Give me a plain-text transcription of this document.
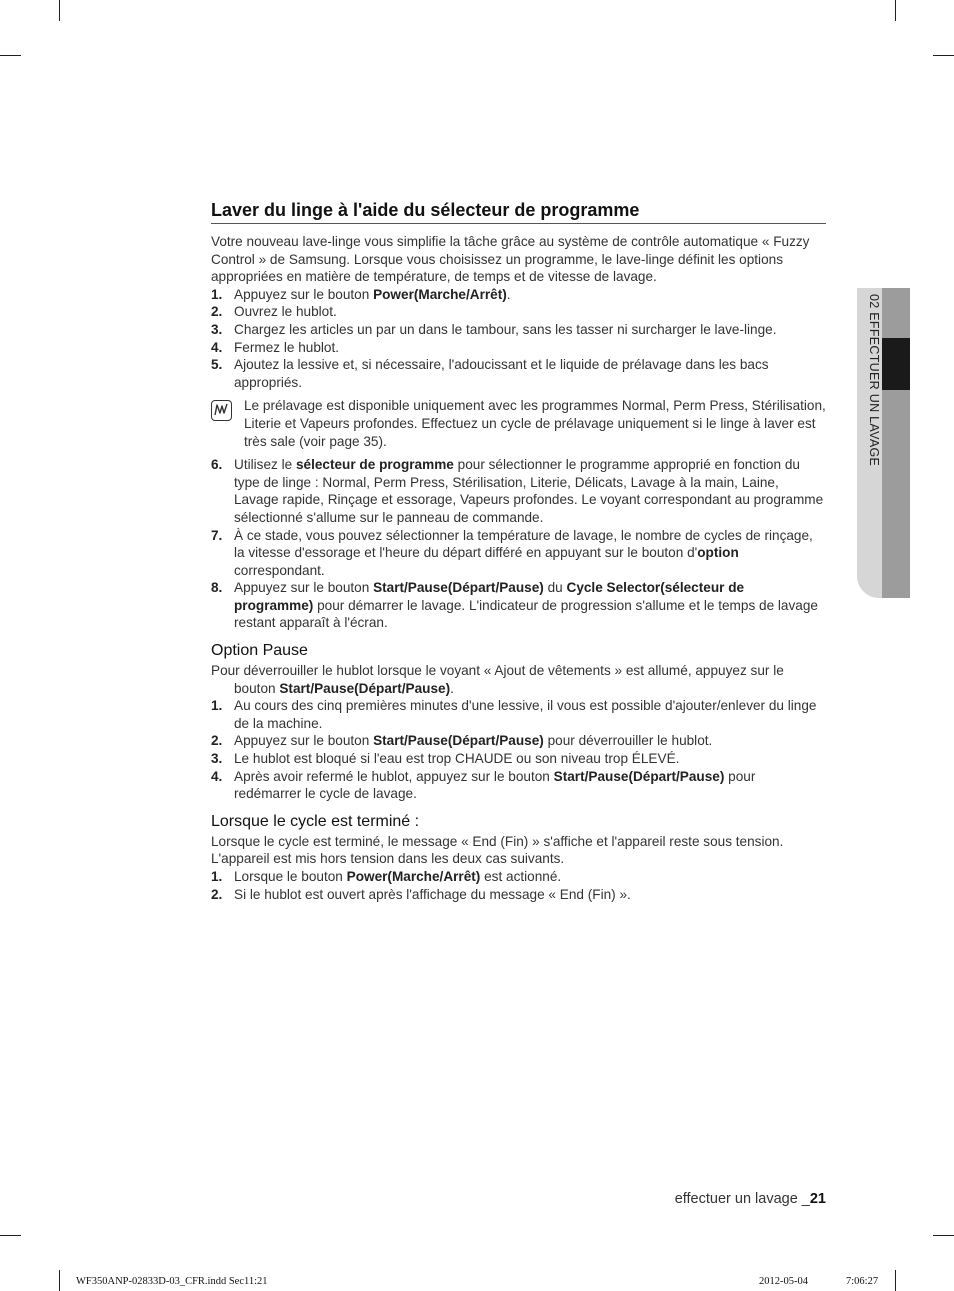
Laver du linge à l'aide du sélecteur de programme
Votre nouveau lave-linge vous simplifie la tâche grâce au système de contrôle automatique « Fuzzy Control » de Samsung. Lorsque vous choisissez un programme, le lave-linge définit les options appropriées en matière de température, de temps et de vitesse de lavage.
1. Appuyez sur le bouton Power(Marche/Arrêt).
2. Ouvrez le hublot.
3. Chargez les articles un par un dans le tambour, sans les tasser ni surcharger le lave-linge.
4. Fermez le hublot.
5. Ajoutez la lessive et, si nécessaire, l'adoucissant et le liquide de prélavage dans les bacs appropriés.
Le prélavage est disponible uniquement avec les programmes Normal, Perm Press, Stérilisation, Literie et Vapeurs profondes. Effectuez un cycle de prélavage uniquement si le linge à laver est très sale (voir page 35).
6. Utilisez le sélecteur de programme pour sélectionner le programme approprié en fonction du type de linge : Normal, Perm Press, Stérilisation, Literie, Délicats, Lavage à la main, Laine, Lavage rapide, Rinçage et essorage, Vapeurs profondes. Le voyant correspondant au programme sélectionné s'allume sur le panneau de commande.
7. À ce stade, vous pouvez sélectionner la température de lavage, le nombre de cycles de rinçage, la vitesse d'essorage et l'heure du départ différé en appuyant sur le bouton d'option correspondant.
8. Appuyez sur le bouton Start/Pause(Départ/Pause) du Cycle Selector(sélecteur de programme) pour démarrer le lavage. L'indicateur de progression s'allume et le temps de lavage restant apparaît à l'écran.
Option Pause
Pour déverrouiller le hublot lorsque le voyant « Ajout de vêtements » est allumé, appuyez sur le bouton Start/Pause(Départ/Pause).
1. Au cours des cinq premières minutes d'une lessive, il vous est possible d'ajouter/enlever du linge de la machine.
2. Appuyez sur le bouton Start/Pause(Départ/Pause) pour déverrouiller le hublot.
3. Le hublot est bloqué si l'eau est trop CHAUDE ou son niveau trop ÉLEVÉ.
4. Après avoir refermé le hublot, appuyez sur le bouton Start/Pause(Départ/Pause) pour redémarrer le cycle de lavage.
Lorsque le cycle est terminé :
Lorsque le cycle est terminé, le message « End (Fin) » s'affiche et l'appareil reste sous tension. L'appareil est mis hors tension dans les deux cas suivants.
1. Lorsque le bouton Power(Marche/Arrêt) est actionné.
2. Si le hublot est ouvert après l'affichage du message « End (Fin) ».
02 EFFECTUER UN LAVAGE
effectuer un lavage _21
WF350ANP-02833D-03_CFR.indd Sec11:21	2012-05-04	7:06:27
